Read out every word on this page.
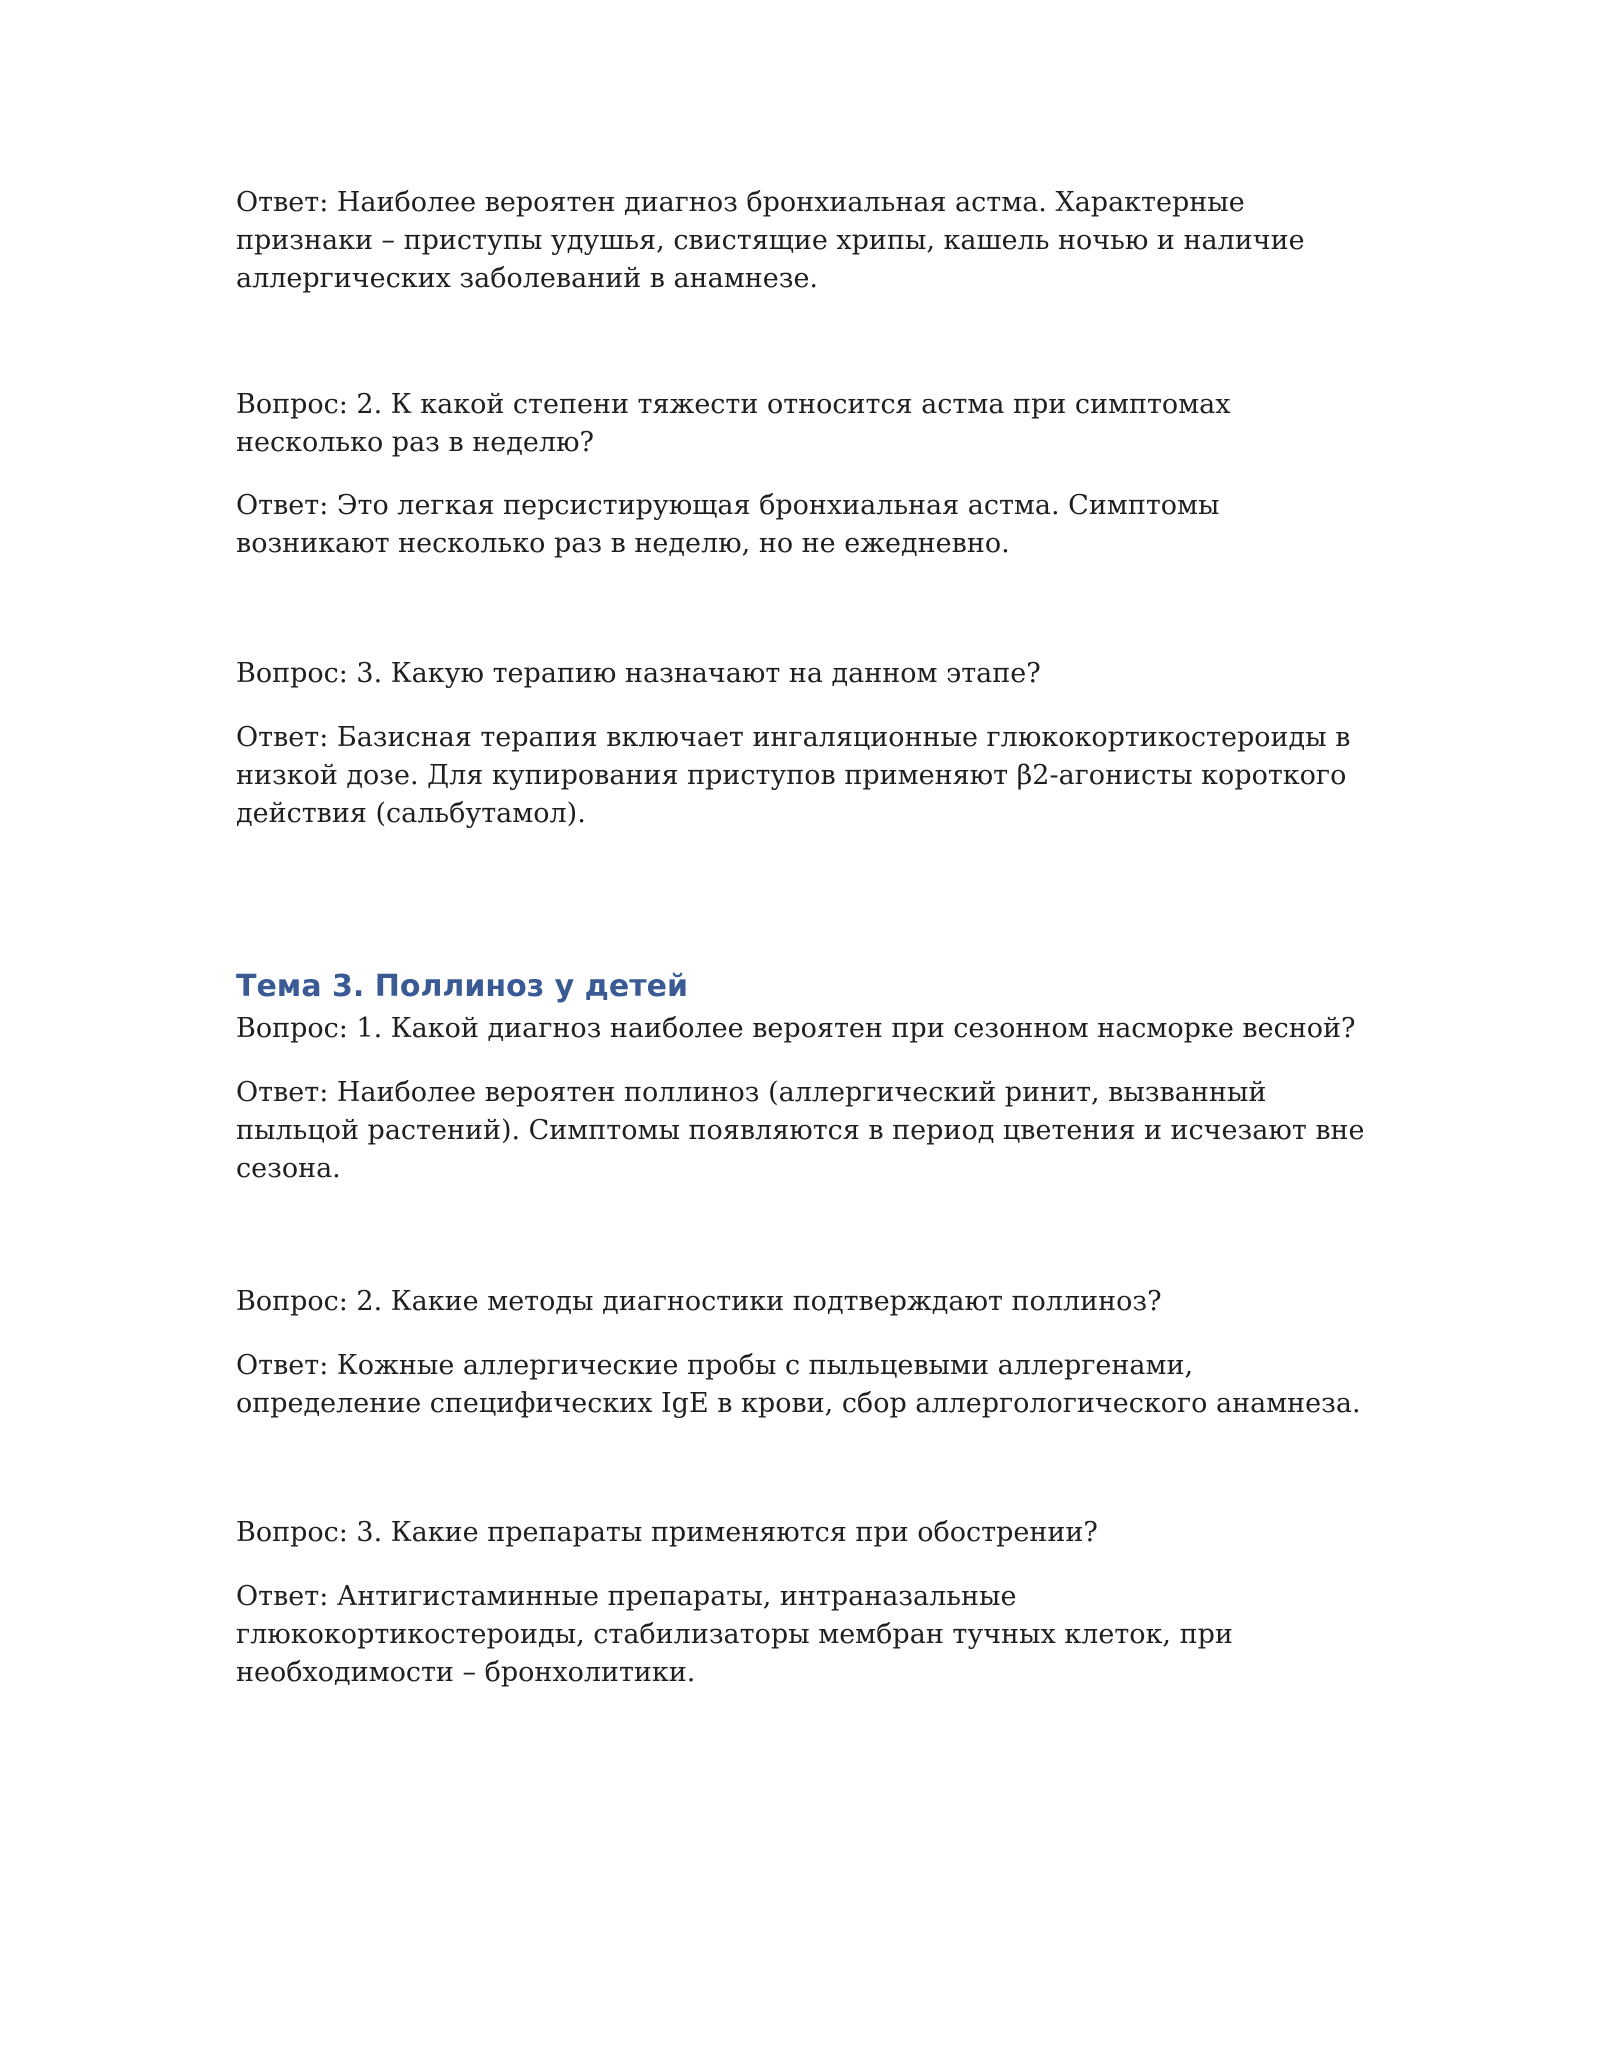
Ответ: Наиболее вероятен диагноз бронхиальная астма. Характерные признаки – приступы удушья, свистящие хрипы, кашель ночью и наличие аллергических заболеваний в анамнезе.

Вопрос: 2. К какой степени тяжести относится астма при симптомах несколько раз в неделю?

Ответ: Это легкая персистирующая бронхиальная астма. Симптомы возникают несколько раз в неделю, но не ежедневно.

Вопрос: 3. Какую терапию назначают на данном этапе?

Ответ: Базисная терапия включает ингаляционные глюкокортикостероиды в низкой дозе. Для купирования приступов применяют β2-агонисты короткого действия (сальбутамол).

Тема 3. Поллиноз у детей

Вопрос: 1. Какой диагноз наиболее вероятен при сезонном насморке весной?

Ответ: Наиболее вероятен поллиноз (аллергический ринит, вызванный пыльцой растений). Симптомы появляются в период цветения и исчезают вне сезона.

Вопрос: 2. Какие методы диагностики подтверждают поллиноз?

Ответ: Кожные аллергические пробы с пыльцевыми аллергенами, определение специфических IgE в крови, сбор аллергологического анамнеза.

Вопрос: 3. Какие препараты применяются при обострении?

Ответ: Антигистаминные препараты, интраназальные глюкокортикостероиды, стабилизаторы мембран тучных клеток, при необходимости – бронхолитики.
